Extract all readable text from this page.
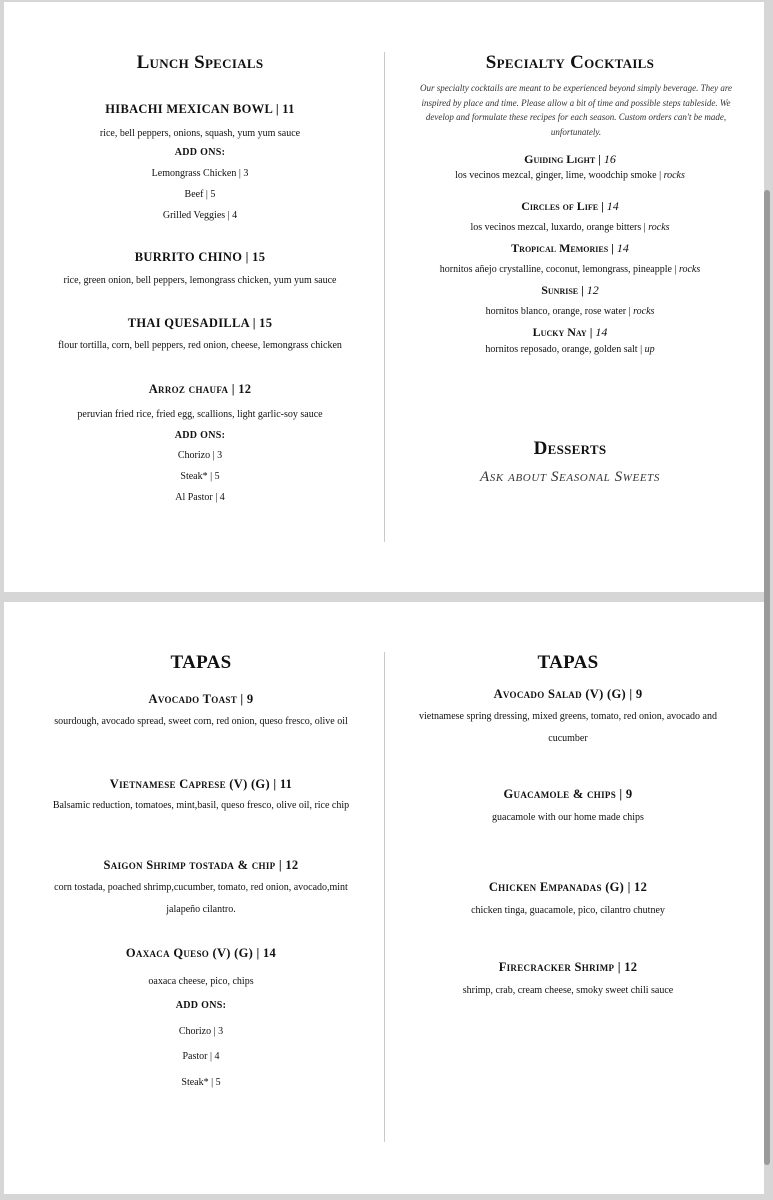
Lunch Specials
HIBACHI MEXICAN BOWL | 11
rice, bell peppers, onions, squash, yum yum sauce
ADD ONS:
Lemongrass Chicken | 3
Beef | 5
Grilled Veggies | 4
BURRITO CHINO | 15
rice, green onion, bell peppers, lemongrass chicken, yum yum sauce
THAI QUESADILLA | 15
flour tortilla, corn, bell peppers, red onion, cheese, lemongrass chicken
Arroz chaufa | 12
peruvian fried rice, fried egg, scallions, light garlic-soy sauce
ADD ONS:
Chorizo | 3
Steak* | 5
Al Pastor | 4
Specialty Cocktails
Our specialty cocktails are meant to be experienced beyond simply beverage. They are inspired by place and time. Please allow a bit of time and possible steps tableside. We develop and formulate these recipes for each season. Custom orders can't be made, unfortunately.
Guiding Light | 16
los vecinos mezcal, ginger, lime, woodchip smoke | rocks
Circles of Life | 14
los vecinos mezcal, luxardo, orange bitters | rocks
Tropical Memories | 14
hornitos añejo crystalline, coconut, lemongrass, pineapple | rocks
Sunrise | 12
hornitos blanco, orange, rose water | rocks
Lucky Nay | 14
hornitos reposado, orange, golden salt | up
Desserts
Ask about Seasonal Sweets
TAPAS
Avocado Toast | 9
sourdough, avocado spread, sweet corn, red onion, queso fresco, olive oil
Vietnamese Caprese (V) (G) | 11
Balsamic reduction, tomatoes, mint,basil, queso fresco, olive oil, rice chip
Saigon Shrimp tostada & chip | 12
corn tostada, poached shrimp,cucumber, tomato, red onion, avocado,mint jalapeño cilantro.
Oaxaca Queso (V) (G) | 14
oaxaca cheese, pico, chips
ADD ONS:
Chorizo | 3
Pastor | 4
Steak* | 5
TAPAS
Avocado Salad (V) (G) | 9
vietnamese spring dressing, mixed greens, tomato, red onion, avocado and cucumber
Guacamole & chips | 9
guacamole with our home made chips
Chicken Empanadas (G) | 12
chicken tinga, guacamole, pico, cilantro chutney
Firecracker Shrimp | 12
shrimp, crab, cream cheese, smoky sweet chili sauce
